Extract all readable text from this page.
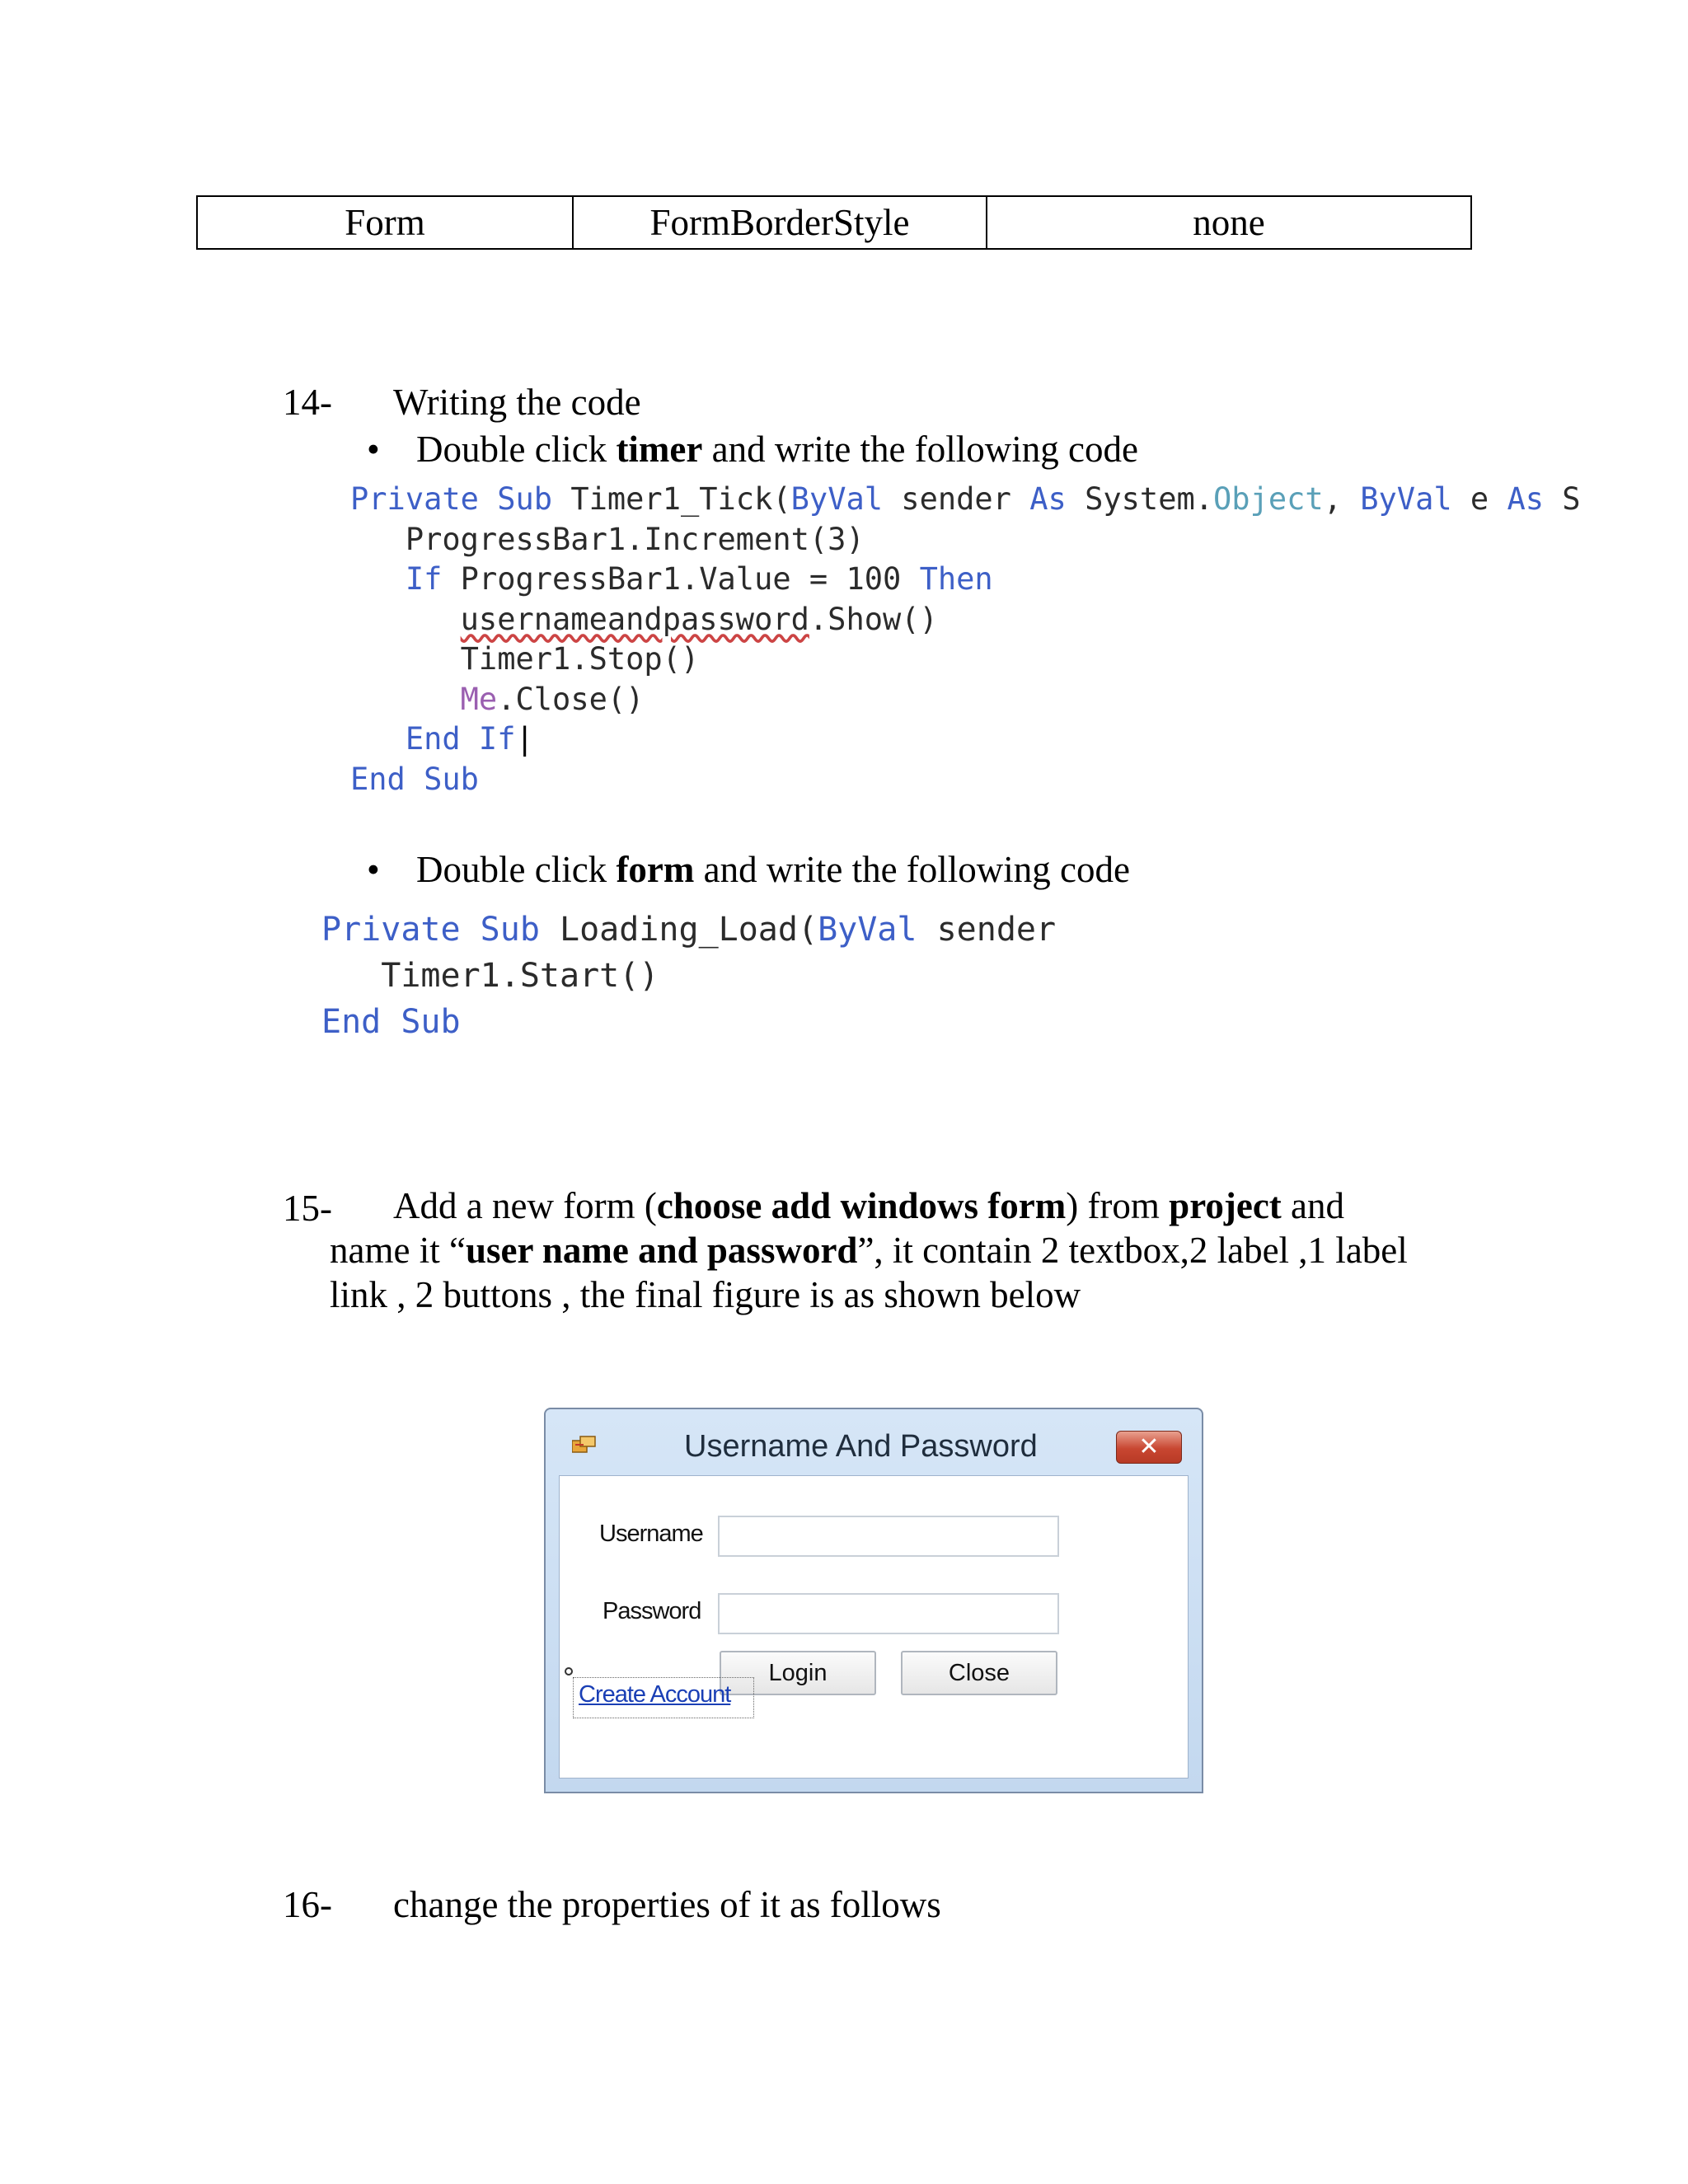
Form	FormBorderStyle	none
14- Writing the code
• Double click timer and write the following code
Private Sub Timer1_Tick(ByVal sender As System.Object, ByVal e As S
ProgressBar1.Increment(3)
If ProgressBar1.Value = 100 Then
usernameandpassword.Show()
Timer1.Stop()
Me.Close()
End If|
End Sub
• Double click form and write the following code
Private Sub Loading_Load(ByVal sender
Timer1.Start()
End Sub
15- Add a new form (choose add windows form) from project and
name it “user name and password”, it contain 2 textbox,2 label ,1 label
link , 2 buttons , the final figure is as shown below
Username And Password	✕
Username
Password
Login	Close
Create Account
16- change the properties of it as follows
